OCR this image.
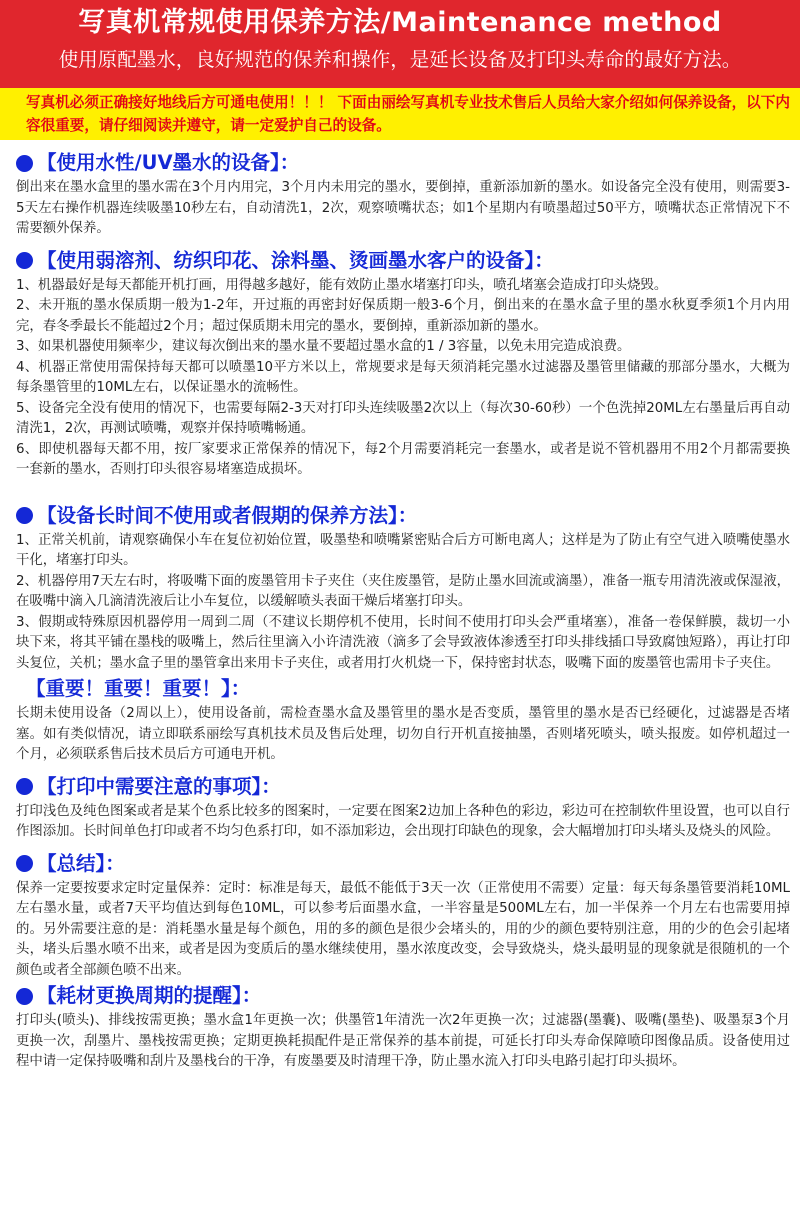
写真机常规使用保养方法/Maintenance method
使用原配墨水，良好规范的保养和操作，是延长设备及打印头寿命的最好方法。
写真机必须正确接好地线后方可通电使用！！！ 下面由丽绘写真机专业技术售后人员给大家介绍如何保养设备，以下内容很重要，请仔细阅读并遵守，请一定爱护自己的设备。
【使用水性/UV墨水的设备】：

倒出来在墨水盒里的墨水需在3个月内用完，3个月内未用完的墨水，要倒掉，重新添加新的墨水。如设备完全没有使用，则需要3-5天左右操作机器连续吸墨10秒左右，自动清洗1，2次，观察喷嘴状态；如1个星期内有喷墨超过50平方，喷嘴状态正常情况下不需要额外保养。

【使用弱溶剂、纺织印花、涂料墨、烫画墨水客户的设备】：

1、机器最好是每天都能开机打画，用得越多越好，能有效防止墨水堵塞打印头，喷孔堵塞会造成打印头烧毁。

2、未开瓶的墨水保质期一般为1-2年，开过瓶的再密封好保质期一般3-6个月，倒出来的在墨水盒子里的墨水秋夏季须1个月内用完，春冬季最长不能超过2个月；超过保质期未用完的墨水，要倒掉，重新添加新的墨水。

3、如果机器使用频率少，建议每次倒出来的墨水量不要超过墨水盒的1 / 3容量，以免未用完造成浪费。

4、机器正常使用需保持每天都可以喷墨10平方米以上，常规要求是每天须消耗完墨水过滤器及墨管里储藏的那部分墨水，大概为每条墨管里的10ML左右，以保证墨水的流畅性。

5、设备完全没有使用的情况下，也需要每隔2-3天对打印头连续吸墨2次以上（每次30-60秒）一个色洗掉20ML左右墨量后再自动清洗1，2次，再测试喷嘴，观察并保持喷嘴畅通。

6、即使机器每天都不用，按厂家要求正常保养的情况下，每2个月需要消耗完一套墨水，或者是说不管机器用不用2个月都需要换一套新的墨水，否则打印头很容易堵塞造成损坏。

【设备长时间不使用或者假期的保养方法】：

1、正常关机前，请观察确保小车在复位初始位置，吸墨垫和喷嘴紧密贴合后方可断电离人；这样是为了防止有空气进入喷嘴使墨水干化，堵塞打印头。

2、机器停用7天左右时，将吸嘴下面的废墨管用卡子夹住（夹住废墨管，是防止墨水回流或滴墨），准备一瓶专用清洗液或保湿液，在吸嘴中滴入几滴清洗液后让小车复位，以缓解喷头表面干燥后堵塞打印头。

3、假期或特殊原因机器停用一周到二周（不建议长期停机不使用，长时间不使用打印头会严重堵塞），准备一卷保鲜膜，裁切一小块下来，将其平铺在墨栈的吸嘴上，然后往里滴入小许清洗液（滴多了会导致液体渗透至打印头排线插口导致腐蚀短路），再让打印头复位，关机；墨水盒子里的墨管拿出来用卡子夹住，或者用打火机烧一下，保持密封状态，吸嘴下面的废墨管也需用卡子夹住。

【重要！重要！重要！】：

长期未使用设备（2周以上），使用设备前，需检查墨水盒及墨管里的墨水是否变质，墨管里的墨水是否已经硬化，过滤器是否堵塞。如有类似情况，请立即联系丽绘写真机技术员及售后处理，切勿自行开机直接抽墨，否则堵死喷头，喷头报废。如停机超过一个月，必须联系售后技术员后方可通电开机。

【打印中需要注意的事项】：

打印浅色及纯色图案或者是某个色系比较多的图案时，一定要在图案2边加上各种色的彩边，彩边可在控制软件里设置，也可以自行作图添加。长时间单色打印或者不均匀色系打印，如不添加彩边，会出现打印缺色的现象，会大幅增加打印头堵头及烧头的风险。

【总结】：

保养一定要按要求定时定量保养：定时：标准是每天，最低不能低于3天一次（正常使用不需要）定量：每天每条墨管要消耗10ML左右墨水量，或者7天平均值达到每色10ML，可以参考后面墨水盒，一半容量是500ML左右，加一半保养一个月左右也需要用掉的。另外需要注意的是：消耗墨水量是每个颜色，用的多的颜色是很少会堵头的，用的少的颜色要特别注意，用的少的色会引起堵头，堵头后墨水喷不出来，或者是因为变质后的墨水继续使用，墨水浓度改变，会导致烧头，烧头最明显的现象就是很随机的一个颜色或者全部颜色喷不出来。

【耗材更换周期的提醒】：

打印头(喷头)、排线按需更换；墨水盒1年更换一次；供墨管1年清洗一次2年更换一次；过滤器(墨囊)、吸嘴(墨垫)、吸墨泵3个月更换一次，刮墨片、墨栈按需更换；定期更换耗损配件是正常保养的基本前提，可延长打印头寿命保障喷印图像品质。设备使用过程中请一定保持吸嘴和刮片及墨栈台的干净，有废墨要及时清理干净，防止墨水流入打印头电路引起打印头损坏。
